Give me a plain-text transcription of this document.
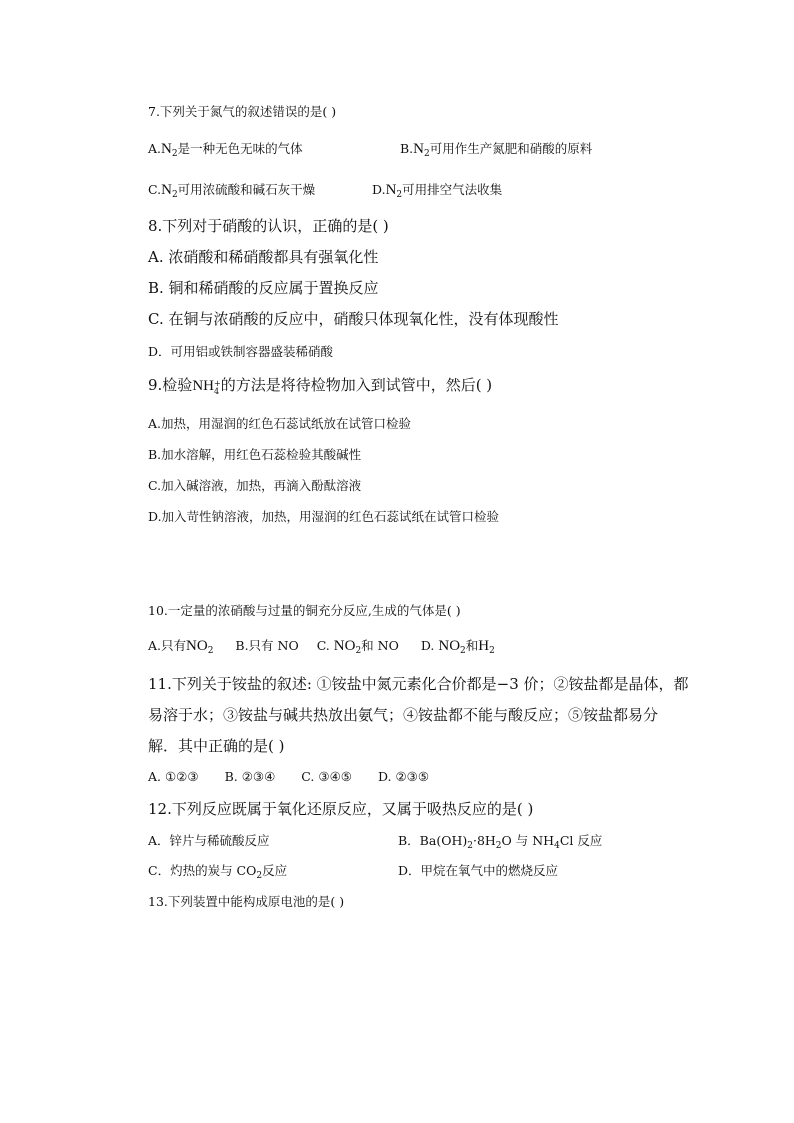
7.下列关于氮气的叙述错误的是( )
$A.N_2$是一种无色无味的气体	$B.N_2$可用作生产氮肥和硝酸的原料
$C.N_2$可用浓硫酸和碱石灰干燥	$D.N_2$可用排空气法收集
8.下列对于硝酸的认识，正确的是( )
A. 浓硝酸和稀硝酸都具有强氧化性
B. 铜和稀硝酸的反应属于置换反应
C. 在铜与浓硝酸的反应中，硝酸只体现氧化性，没有体现酸性
D．可用铝或铁制容器盛装稀硝酸
9.检验NH +
4 的方法是将待检物加入到试管中，然后( )
A.加热，用湿润的红色石蕊试纸放在试管口检验
B.加水溶解，用红色石蕊检验其酸碱性
C.加入碱溶液，加热，再滴入酚酞溶液
D.加入苛性钠溶液，加热，用湿润的红色石蕊试纸在试管口检验
10.一定量的浓硝酸与过量的铜充分反应,生成的气体是( )
A.只有$NO_2$ B.只有 NO C. $NO_2$和 NO D. $NO_2$和$H_2$
11.下列关于铵盐的叙述: ①铵盐中氮元素化合价都是−3 价；②铵盐都是晶体，都
易溶于水；③铵盐与碱共热放出氨气；④铵盐都不能与酸反应；⑤铵盐都易分
解．其中正确的是( )
A. ①②③ B. ②③④ C. ③④⑤ D. ②③⑤
12.下列反应既属于氧化还原反应，又属于吸热反应的是( )
A．锌片与稀硫酸反应	B．$Ba(OH)_2\cdot 8H_2O$ 与 $NH_4Cl$ 反应
C．灼热的炭与 $CO_2$反应	D．甲烷在氧气中的燃烧反应
13.下列装置中能构成原电池的是( )
